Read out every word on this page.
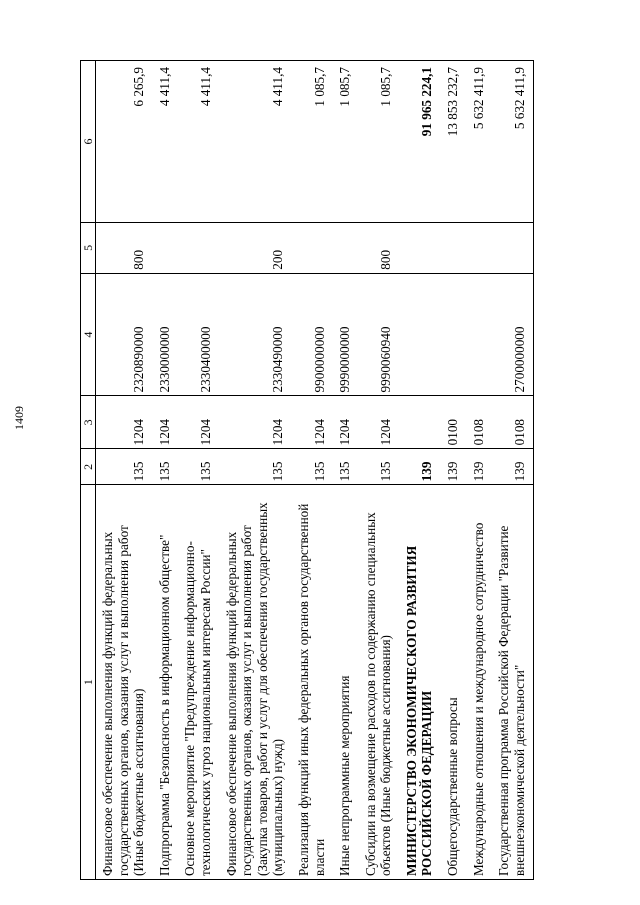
1409
1	2	3	4	5	6
Финансовое обеспечение выполнения функций федеральных государственных органов, оказания услуг и выполнения работ (Иные бюджетные ассигнования)	135	1204	2320890000	800	6 265,9
Подпрограмма "Безопасность в информационном обществе"	135	1204	2330000000		4 411,4
Основное мероприятие "Предупреждение информационно-технологических угроз национальным интересам России"	135	1204	2330400000		4 411,4
Финансовое обеспечение выполнения функций федеральных государственных органов, оказания услуг и выполнения работ (Закупка товаров, работ и услуг для обеспечения государственных (муниципальных) нужд)	135	1204	2330490000	200	4 411,4
Реализация функций иных федеральных органов государственной власти	135	1204	9900000000		1 085,7
Иные непрограммные мероприятия	135	1204	9990000000		1 085,7
Субсидии на возмещение расходов по содержанию специальных объектов (Иные бюджетные ассигнования)	135	1204	9990060940	800	1 085,7
МИНИСТЕРСТВО ЭКОНОМИЧЕСКОГО РАЗВИТИЯ РОССИЙСКОЙ ФЕДЕРАЦИИ	139				91 965 224,1
Общегосударственные вопросы	139	0100			13 853 232,7
Международные отношения и международное сотрудничество	139	0108			5 632 411,9
Государственная программа Российской Федерации "Развитие внешнеэкономической деятельности"	139	0108	2700000000		5 632 411,9
